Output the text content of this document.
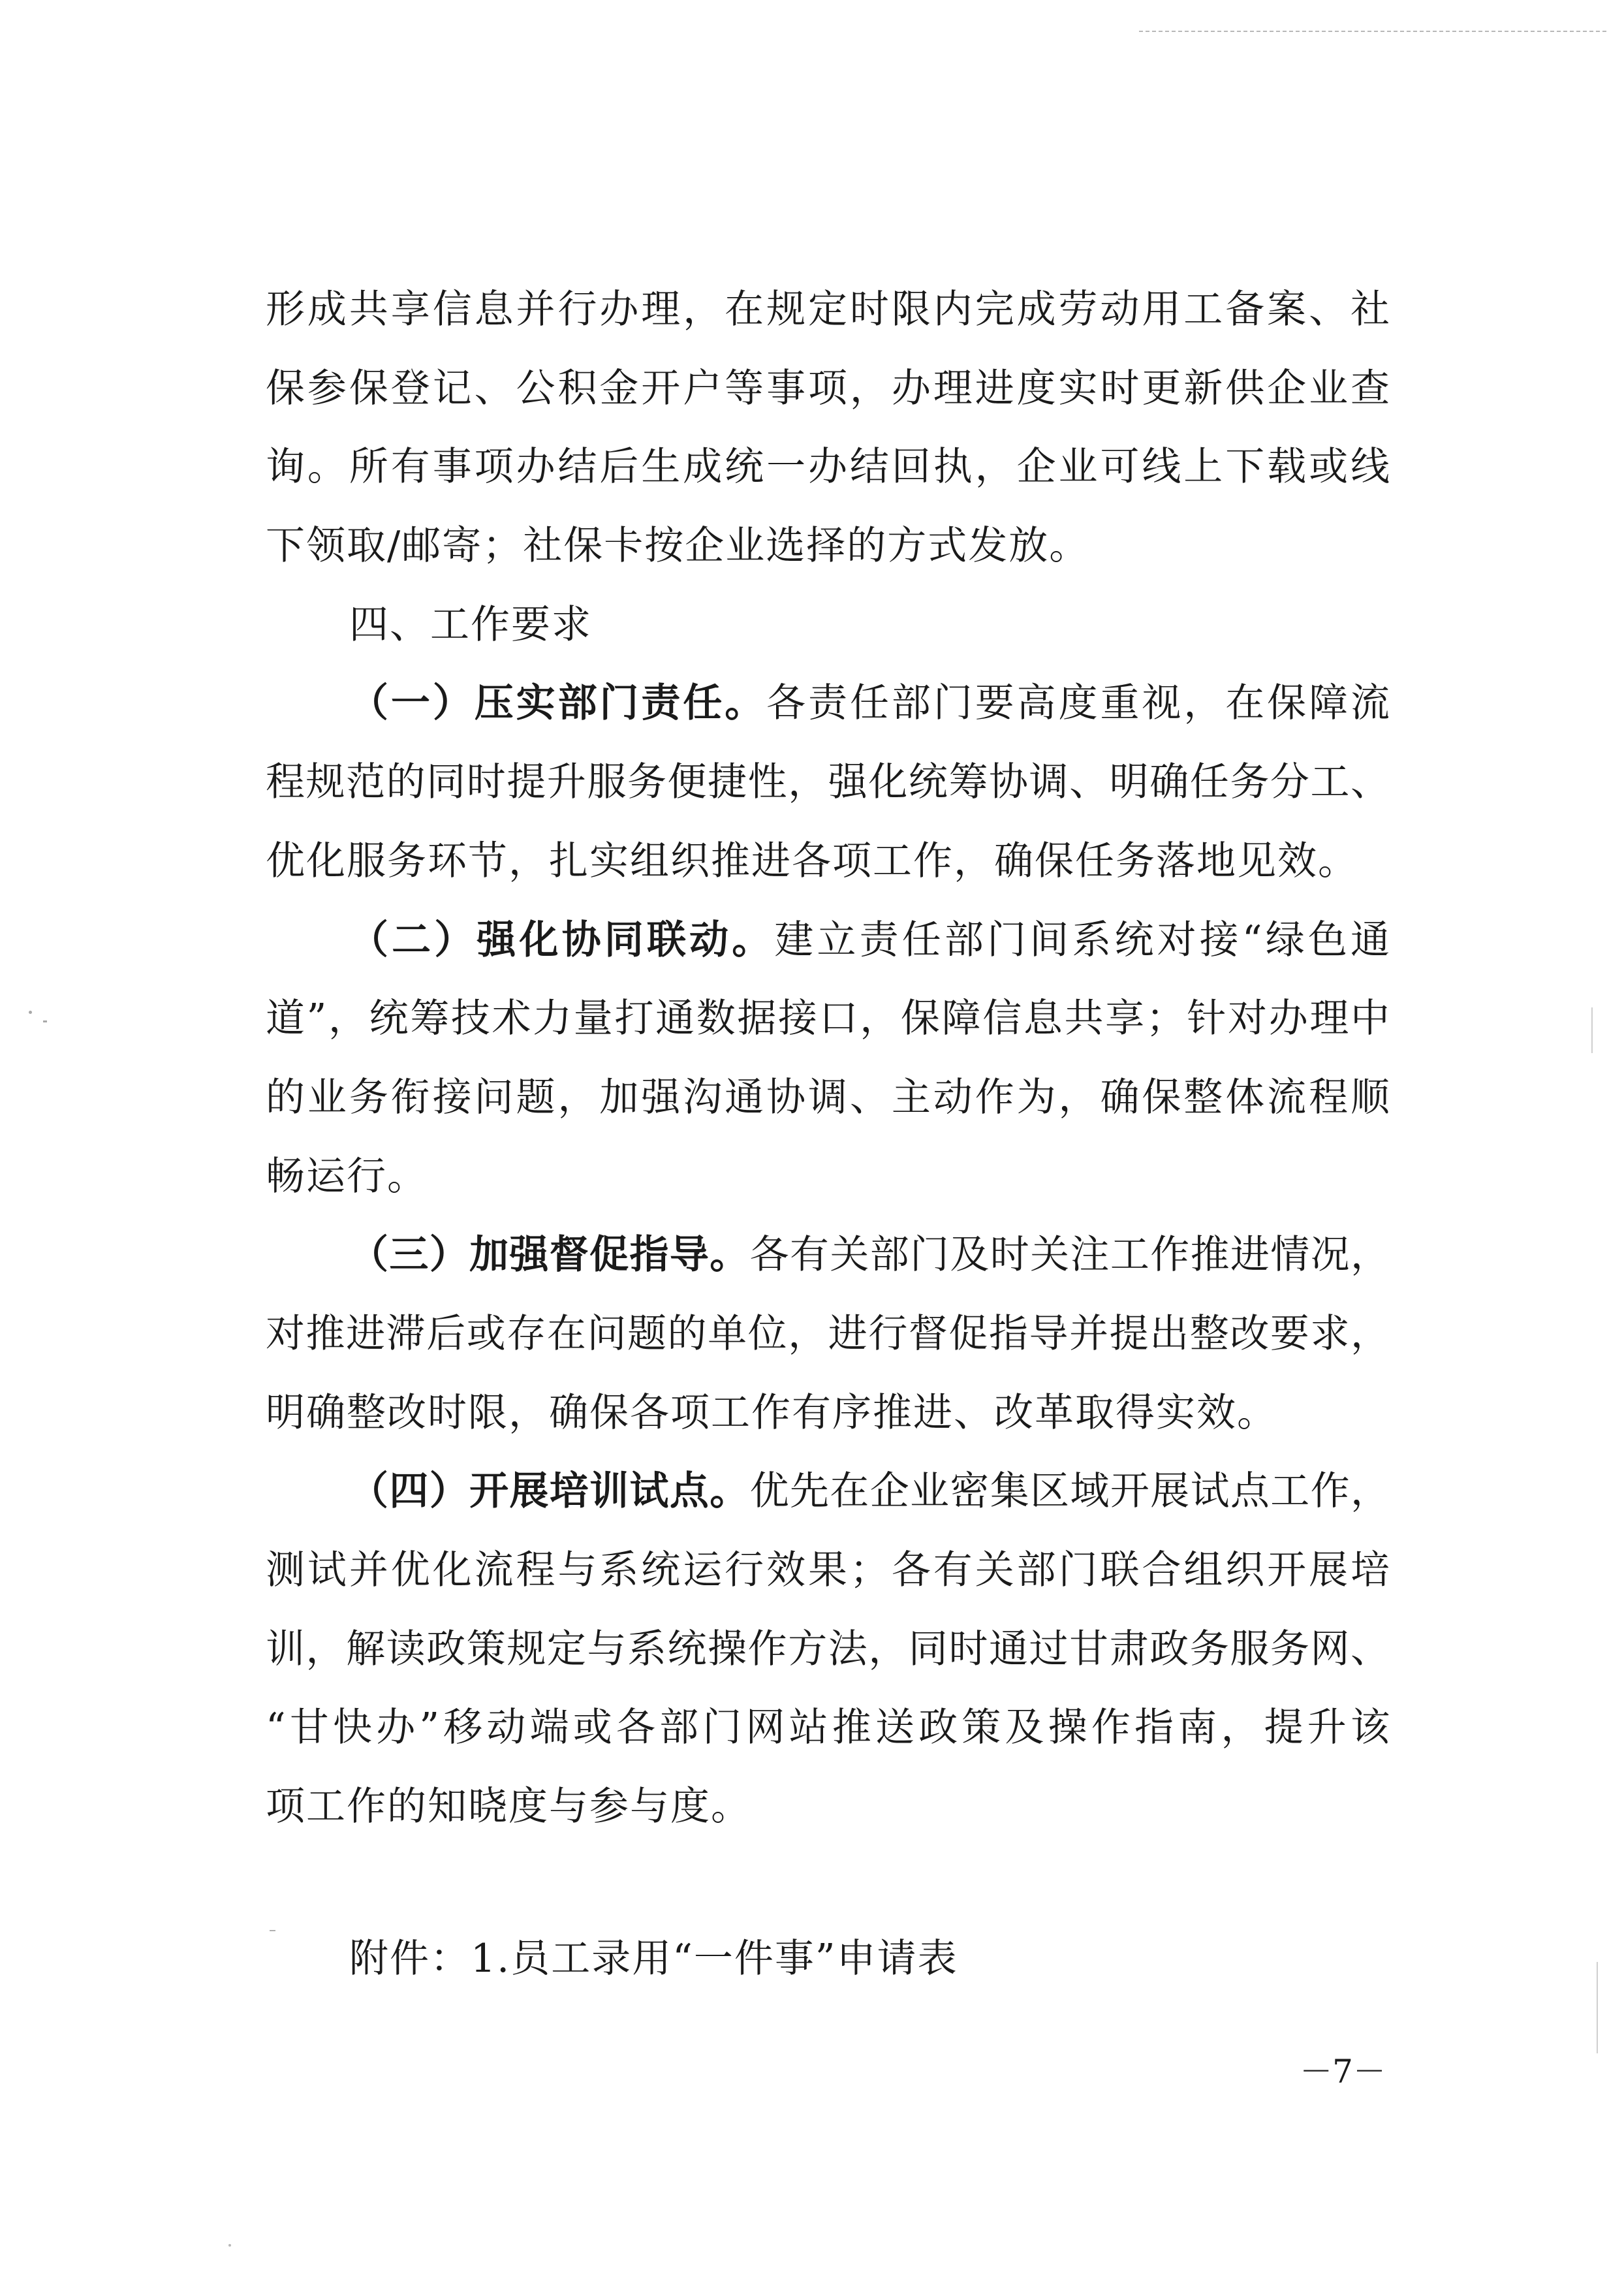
形成共享信息并行办理，在规定时限内完成劳动用工备案、社
保参保登记、公积金开户等事项，办理进度实时更新供企业查
询。所有事项办结后生成统一办结回执，企业可线上下载或线
下领取/邮寄；社保卡按企业选择的方式发放。
四、工作要求
（一）压实部门责任。各责任部门要高度重视，在保障流
程规范的同时提升服务便捷性，强化统筹协调、明确任务分工、
优化服务环节，扎实组织推进各项工作，确保任务落地见效。
（二）强化协同联动。建立责任部门间系统对接“绿色通
道”，统筹技术力量打通数据接口，保障信息共享；针对办理中
的业务衔接问题，加强沟通协调、主动作为，确保整体流程顺
畅运行。
（三）加强督促指导。各有关部门及时关注工作推进情况，
对推进滞后或存在问题的单位，进行督促指导并提出整改要求，
明确整改时限，确保各项工作有序推进、改革取得实效。
（四）开展培训试点。优先在企业密集区域开展试点工作，
测试并优化流程与系统运行效果；各有关部门联合组织开展培
训，解读政策规定与系统操作方法，同时通过甘肃政务服务网、
“甘快办”移动端或各部门网站推送政策及操作指南，提升该
项工作的知晓度与参与度。
附件：1.员工录用“一件事”申请表
－7－
